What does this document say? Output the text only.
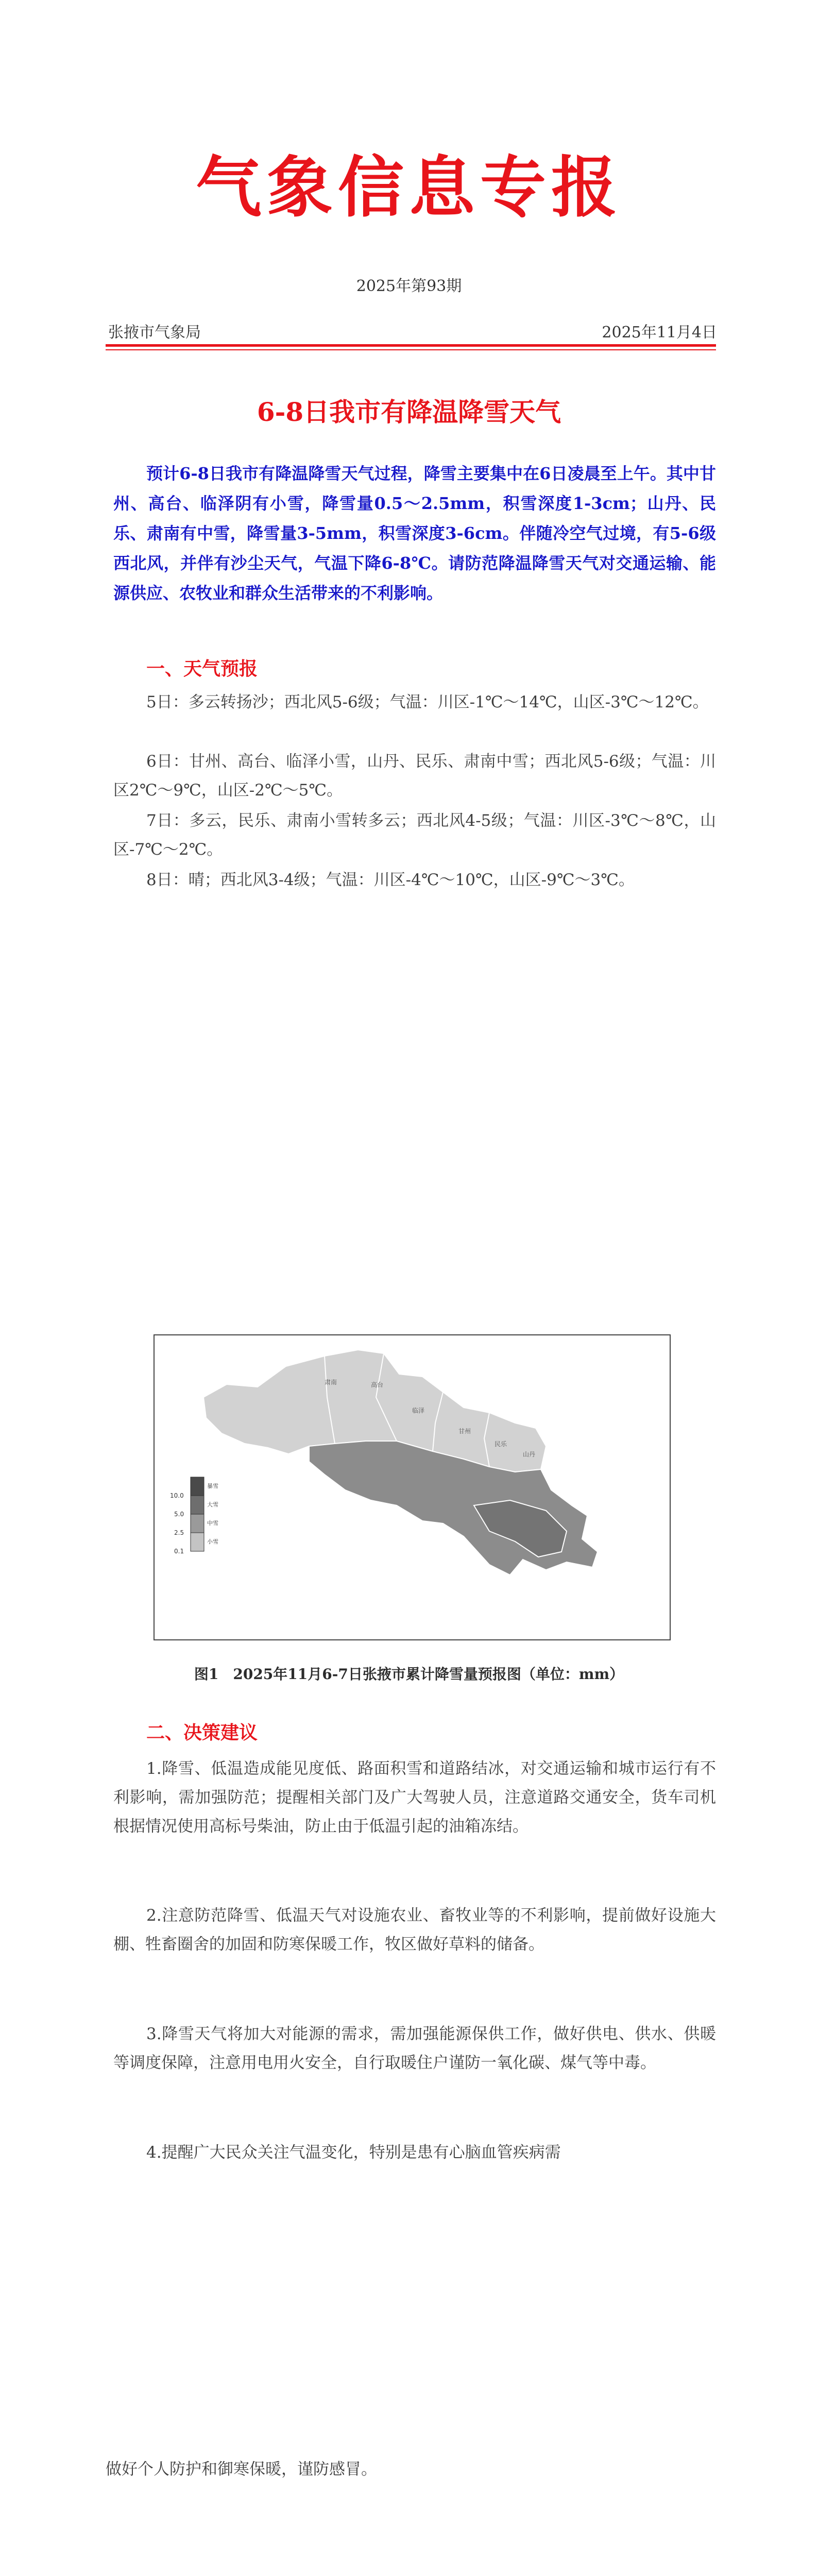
气象信息专报
2025年第93期
张掖市气象局	2025年11月4日
6-8日我市有降温降雪天气
预计6-8日我市有降温降雪天气过程，降雪主要集中在6日凌晨至上午。其中甘州、高台、临泽阴有小雪，降雪量0.5～2.5mm，积雪深度1-3cm；山丹、民乐、肃南有中雪，降雪量3-5mm，积雪深度3-6cm。伴随冷空气过境，有5-6级西北风，并伴有沙尘天气，气温下降6-8℃。请防范降温降雪天气对交通运输、能源供应、农牧业和群众生活带来的不利影响。
一、天气预报
5日：多云转扬沙；西北风5-6级；气温：川区-1℃～14℃，山区-3℃～12℃。
6日：甘州、高台、临泽小雪，山丹、民乐、肃南中雪；西北风5-6级；气温：川区2℃～9℃，山区-2℃～5℃。
7日：多云，民乐、肃南小雪转多云；西北风4-5级；气温：川区-3℃～8℃，山区-7℃～2℃。
8日：晴；西北风3-4级；气温：川区-4℃～10℃，山区-9℃～3℃。
肃南	高台
临泽
甘州
民乐
山丹
10.0
5.0
2.5
0.1
暴雪
大雪
中雪
小雪
图1　2025年11月6-7日张掖市累计降雪量预报图（单位：mm）
二、决策建议
1.降雪、低温造成能见度低、路面积雪和道路结冰，对交通运输和城市运行有不利影响，需加强防范；提醒相关部门及广大驾驶人员，注意道路交通安全，货车司机根据情况使用高标号柴油，防止由于低温引起的油箱冻结。
2.注意防范降雪、低温天气对设施农业、畜牧业等的不利影响，提前做好设施大棚、牲畜圈舍的加固和防寒保暖工作，牧区做好草料的储备。
3.降雪天气将加大对能源的需求，需加强能源保供工作，做好供电、供水、供暖等调度保障，注意用电用火安全，自行取暖住户谨防一氧化碳、煤气等中毒。
4.提醒广大民众关注气温变化，特别是患有心脑血管疾病需
做好个人防护和御寒保暖，谨防感冒。
